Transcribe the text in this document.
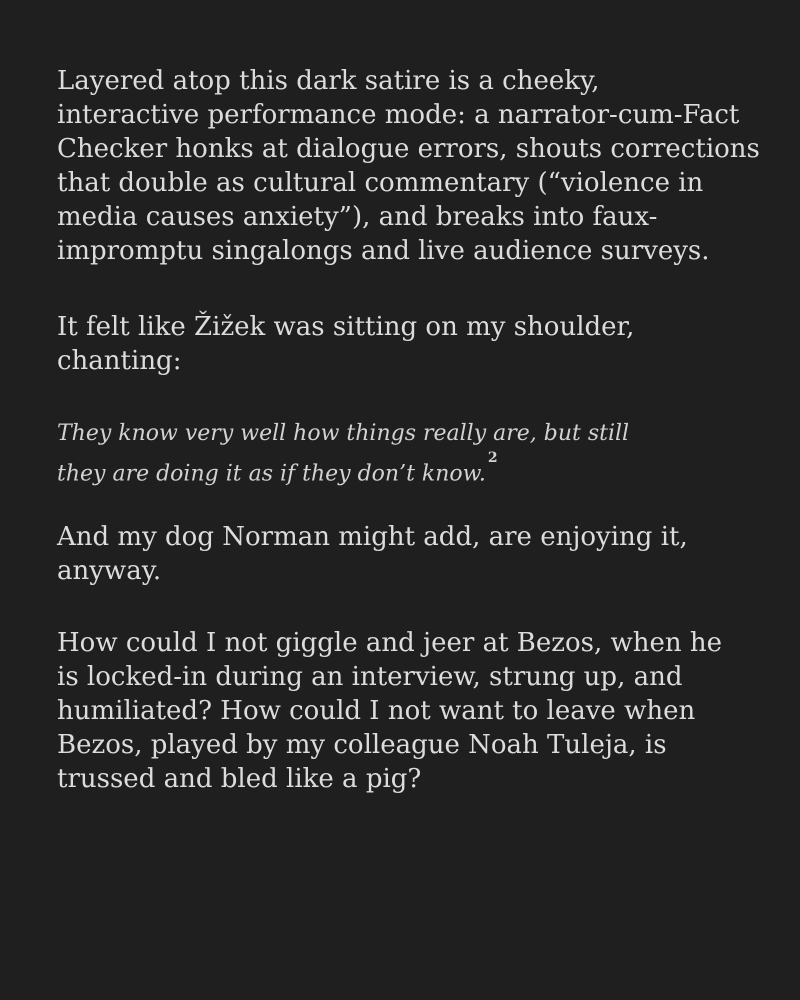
Layered atop this dark satire is a cheeky,
interactive performance mode: a narrator-cum-Fact
Checker honks at dialogue errors, shouts corrections
that double as cultural commentary (“violence in
media causes anxiety”), and breaks into faux-
impromptu singalongs and live audience surveys.

It felt like Žižek was sitting on my shoulder,
chanting:

They know very well how things really are, but still
they are doing it as if they don’t know.$^2$

And my dog Norman might add, are enjoying it,
anyway.

How could I not giggle and jeer at Bezos, when he
is locked-in during an interview, strung up, and
humiliated? How could I not want to leave when
Bezos, played by my colleague Noah Tuleja, is
trussed and bled like a pig?
